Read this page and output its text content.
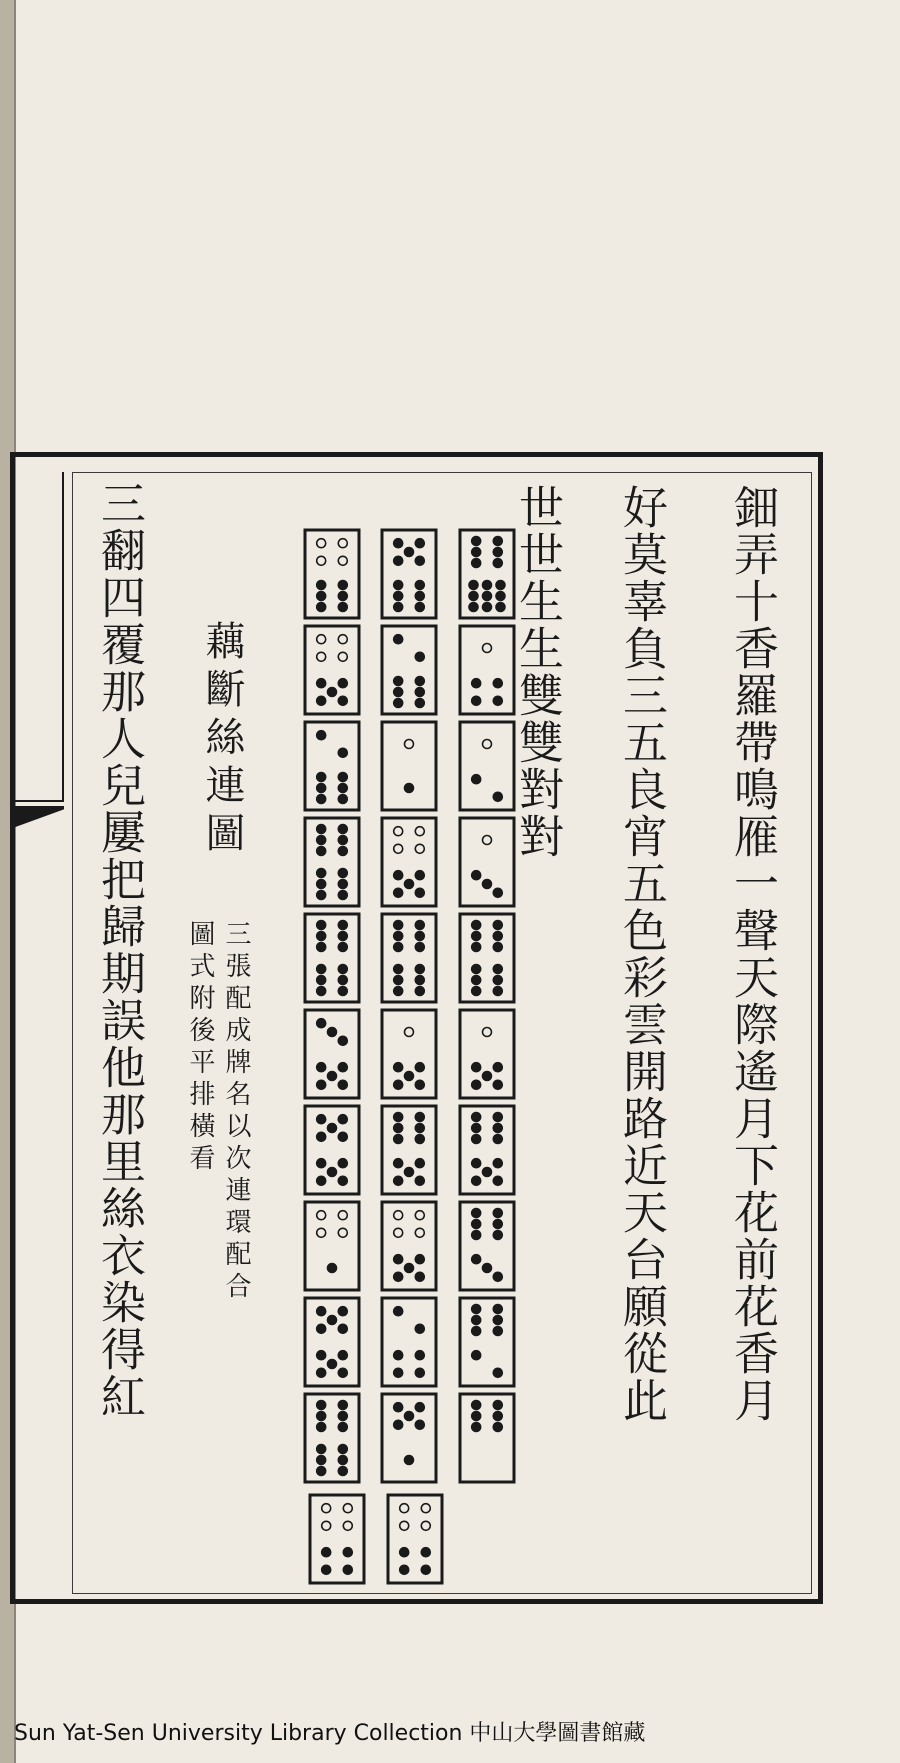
鈿弄十香羅帶鳴雁一聲天際遙月下花前花香月
好莫辜負三五良宵五色彩雲開路近天台願從此
世世生生雙雙對對
藕斷絲連圖
三張配成牌名以次連環配合
圖式附後平排橫看
三翻四覆那人兒屢把歸期誤他那里絲衣染得紅
Sun Yat-Sen University Library Collection 中山大學圖書館藏
